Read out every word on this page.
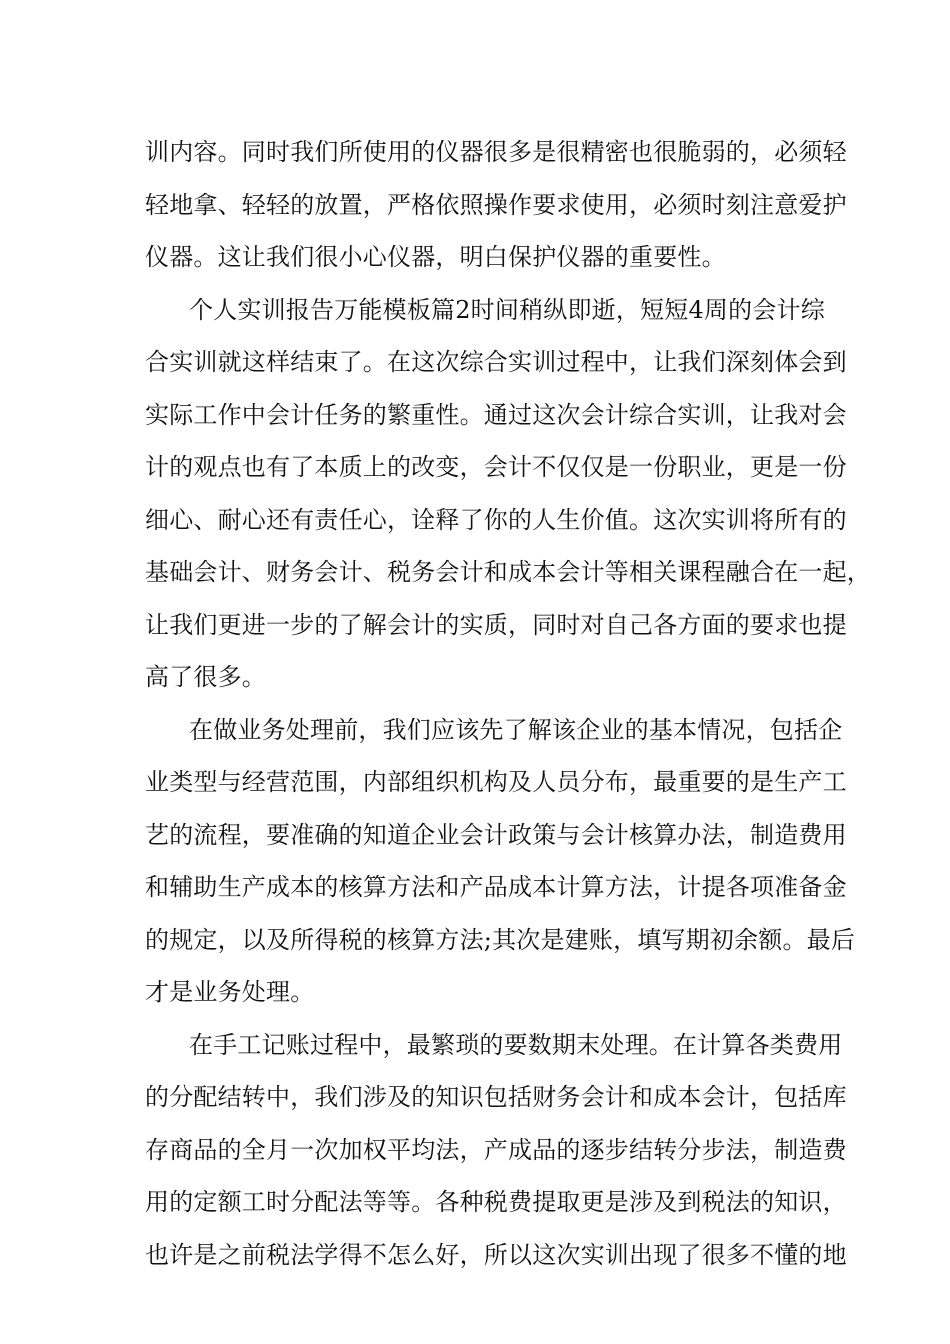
训内容。同时我们所使用的仪器很多是很精密也很脆弱的，必须轻
轻地拿、轻轻的放置，严格依照操作要求使用，必须时刻注意爱护
仪器。这让我们很小心仪器，明白保护仪器的重要性。
个人实训报告万能模板篇2时间稍纵即逝，短短4周的会计综
合实训就这样结束了。在这次综合实训过程中，让我们深刻体会到
实际工作中会计任务的繁重性。通过这次会计综合实训，让我对会
计的观点也有了本质上的改变，会计不仅仅是一份职业，更是一份
细心、耐心还有责任心，诠释了你的人生价值。这次实训将所有的
基础会计、财务会计、税务会计和成本会计等相关课程融合在一起，
让我们更进一步的了解会计的实质，同时对自己各方面的要求也提
高了很多。
在做业务处理前，我们应该先了解该企业的基本情况，包括企
业类型与经营范围，内部组织机构及人员分布，最重要的是生产工
艺的流程，要准确的知道企业会计政策与会计核算办法，制造费用
和辅助生产成本的核算方法和产品成本计算方法，计提各项准备金
的规定，以及所得税的核算方法;其次是建账，填写期初余额。最后
才是业务处理。
在手工记账过程中，最繁琐的要数期末处理。在计算各类费用
的分配结转中，我们涉及的知识包括财务会计和成本会计，包括库
存商品的全月一次加权平均法，产成品的逐步结转分步法，制造费
用的定额工时分配法等等。各种税费提取更是涉及到税法的知识，
也许是之前税法学得不怎么好，所以这次实训出现了很多不懂的地
